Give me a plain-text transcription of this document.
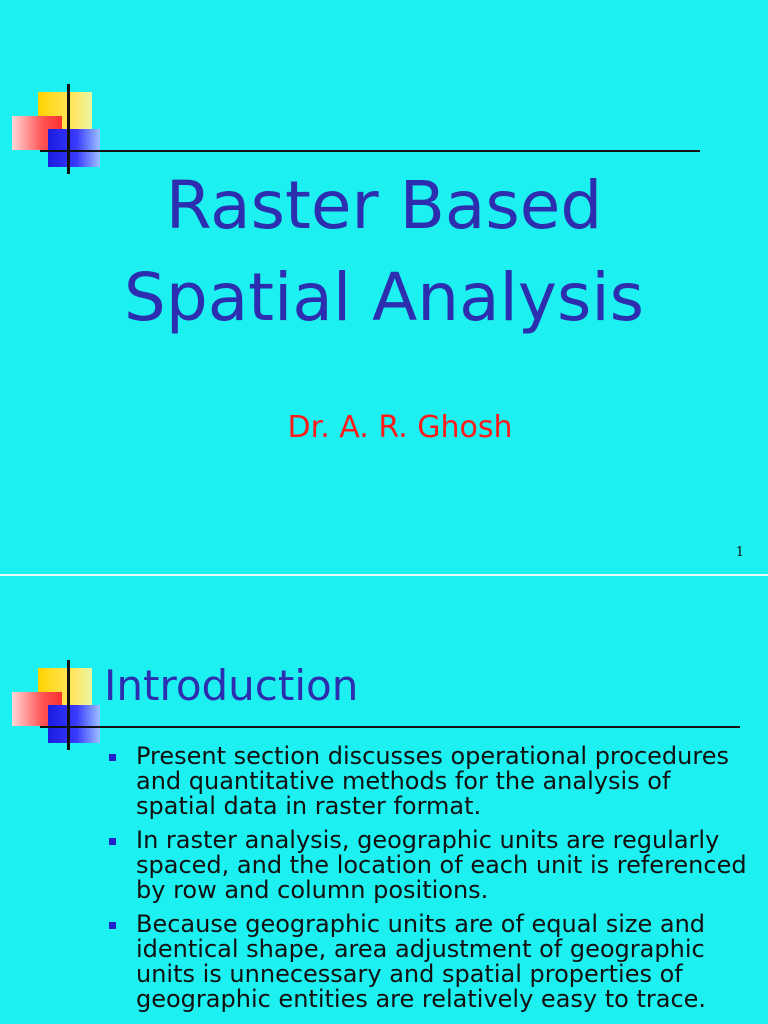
Raster Based
Spatial Analysis
Dr. A. R. Ghosh
1
Introduction
Present section discusses operational procedures and quantitative methods for the analysis of spatial data in raster format.
In raster analysis, geographic units are regularly spaced, and the location of each unit is referenced by row and column positions.
Because geographic units are of equal size and identical shape, area adjustment of geographic units is unnecessary and spatial properties of geographic entities are relatively easy to trace.
